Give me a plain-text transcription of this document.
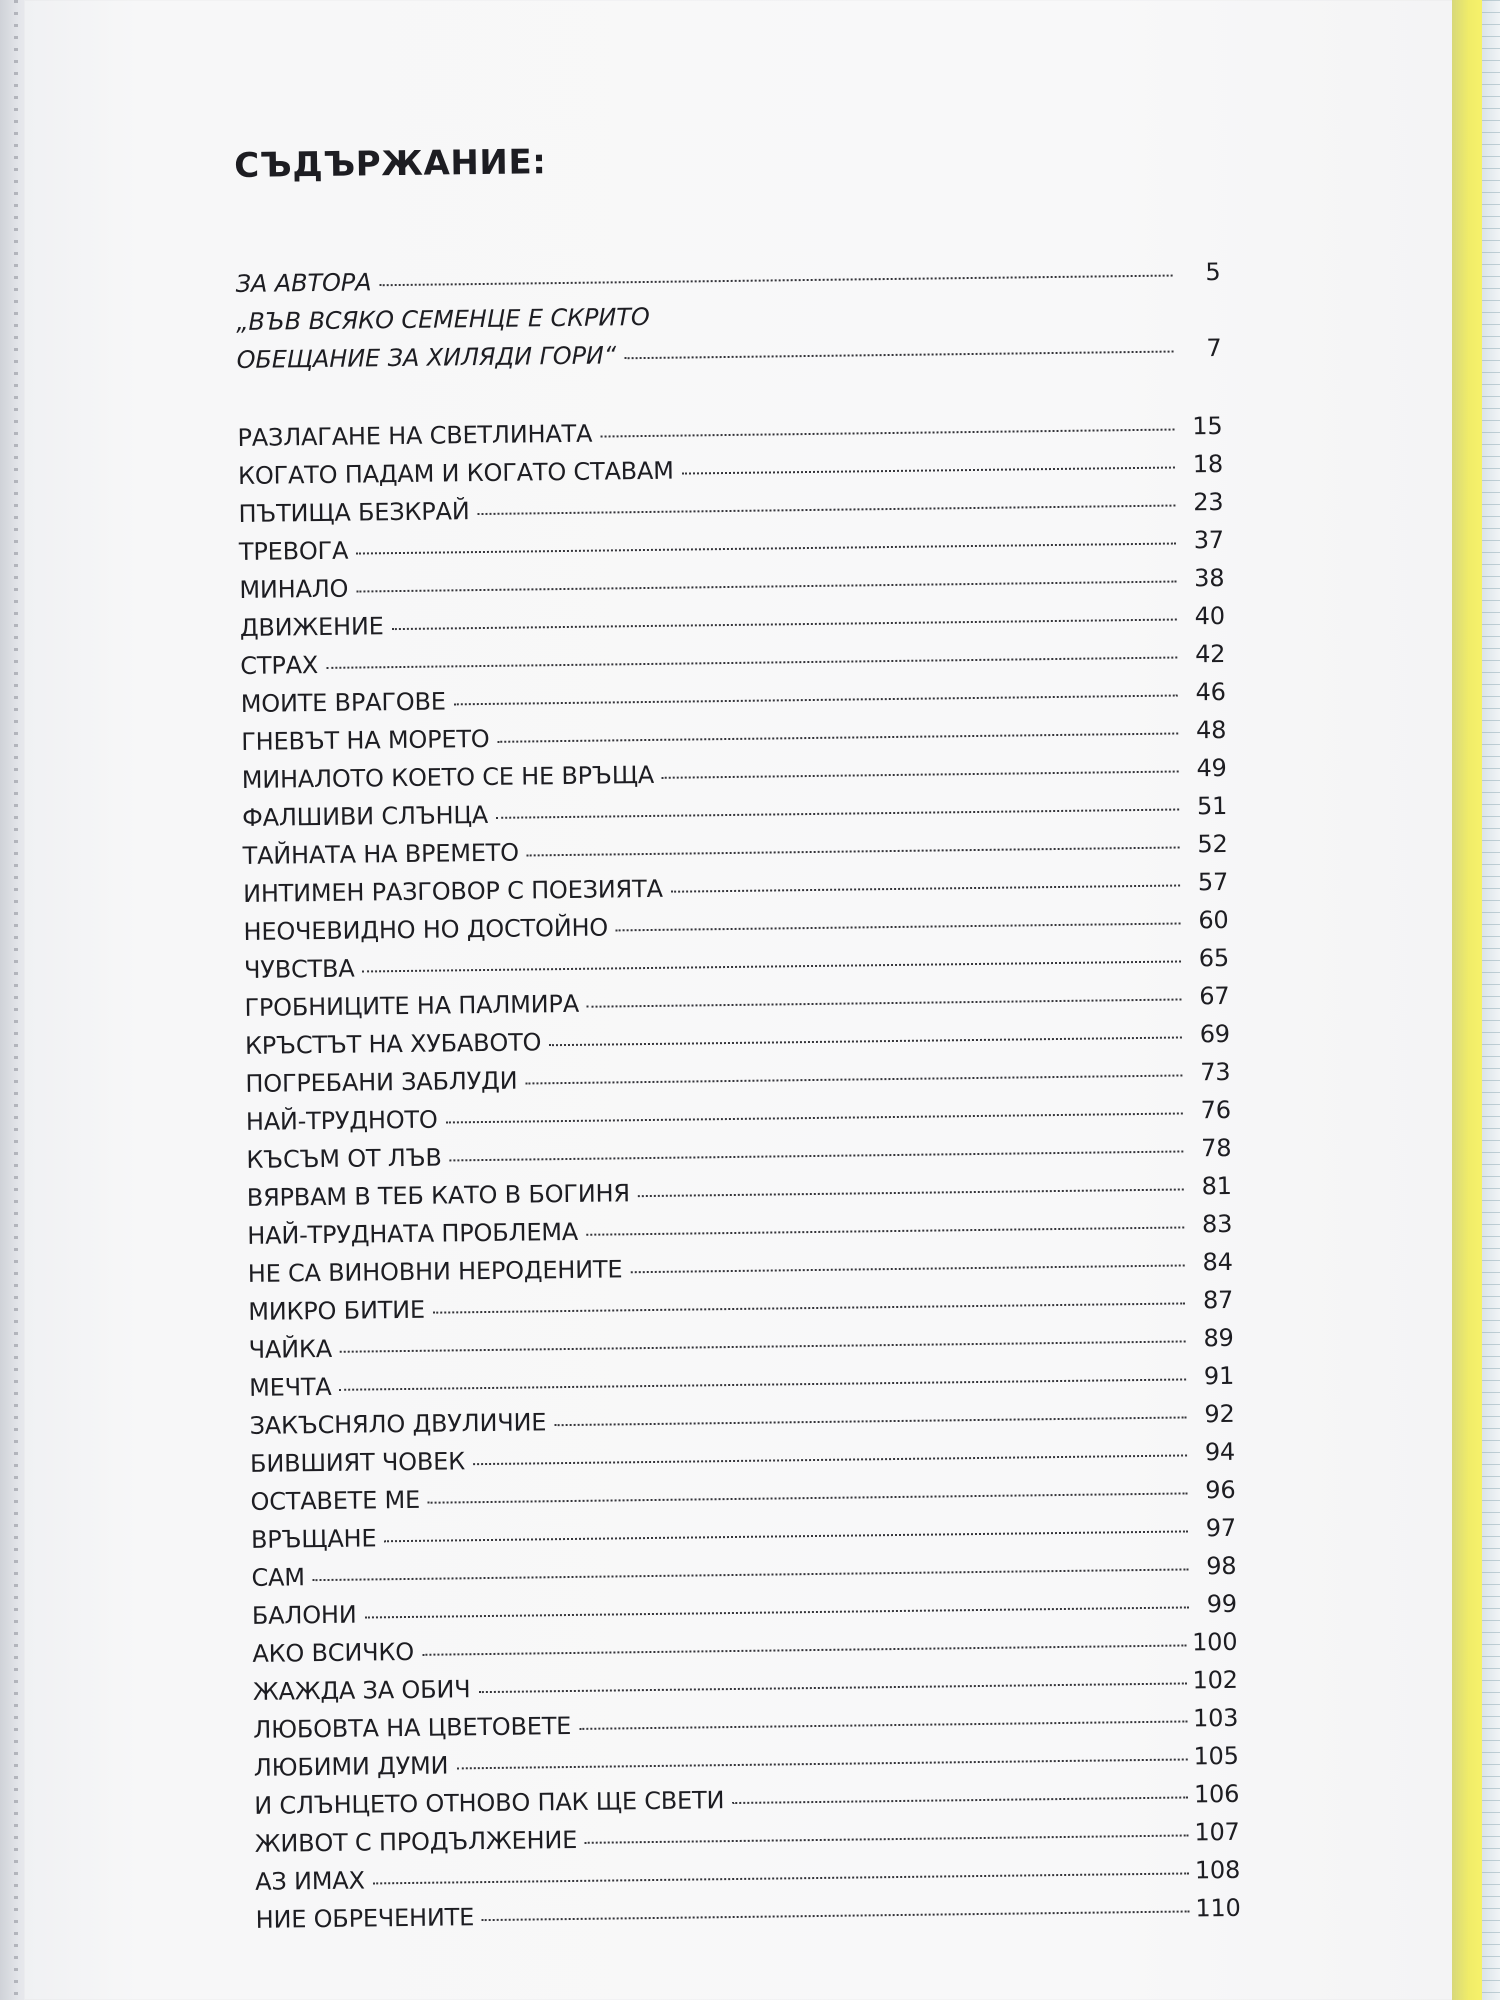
СЪДЪРЖАНИЕ:
ЗА АВТОРА	5
„ВЪВ ВСЯКО СЕМЕНЦЕ Е СКРИТО
ОБЕЩАНИЕ ЗА ХИЛЯДИ ГОРИ“	7
РАЗЛАГАНЕ НА СВЕТЛИНАТА	15
КОГАТО ПАДАМ И КОГАТО СТАВАМ	18
ПЪТИЩА БЕЗКРАЙ	23
ТРЕВОГА	37
МИНАЛО	38
ДВИЖЕНИЕ	40
СТРАХ	42
МОИТЕ ВРАГОВЕ	46
ГНЕВЪТ НА МОРЕТО	48
МИНАЛОТО КОЕТО СЕ НЕ ВРЪЩА	49
ФАЛШИВИ СЛЪНЦА	51
ТАЙНАТА НА ВРЕМЕТО	52
ИНТИМЕН РАЗГОВОР С ПОЕЗИЯТА	57
НЕОЧЕВИДНО НО ДОСТОЙНО	60
ЧУВСТВА	65
ГРОБНИЦИТЕ НА ПАЛМИРА	67
КРЪСТЪТ НА ХУБАВОТО	69
ПОГРЕБАНИ ЗАБЛУДИ	73
НАЙ-ТРУДНОТО	76
КЪСЪМ ОТ ЛЪВ	78
ВЯРВАМ В ТЕБ КАТО В БОГИНЯ	81
НАЙ-ТРУДНАТА ПРОБЛЕМА	83
НЕ СА ВИНОВНИ НЕРОДЕНИТЕ	84
МИКРО БИТИЕ	87
ЧАЙКА	89
МЕЧТА	91
ЗАКЪСНЯЛО ДВУЛИЧИЕ	92
БИВШИЯТ ЧОВЕК	94
ОСТАВЕТЕ МЕ	96
ВРЪЩАНЕ	97
САМ	98
БАЛОНИ	99
АКО ВСИЧКО	100
ЖАЖДА ЗА ОБИЧ	102
ЛЮБОВТА НА ЦВЕТОВЕТЕ	103
ЛЮБИМИ ДУМИ	105
И СЛЪНЦЕТО ОТНОВО ПАК ЩЕ СВЕТИ	106
ЖИВОТ С ПРОДЪЛЖЕНИЕ	107
АЗ ИМАХ	108
НИЕ ОБРЕЧЕНИТЕ	110
